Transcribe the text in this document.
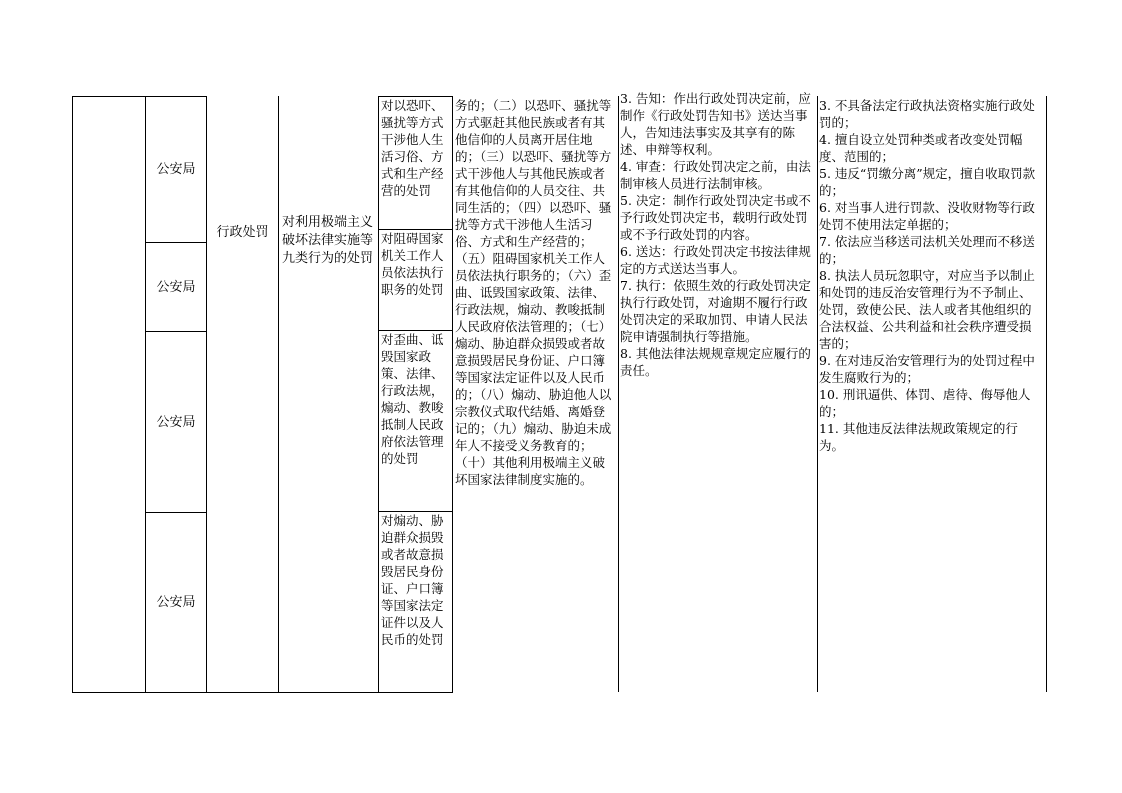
公安局
公安局
公安局
公安局
行政处罚
对利用极端主义破坏法律实施等九类行为的处罚
对以恐吓、骚扰等方式干涉他人生活习俗、方式和生产经营的处罚
对阻碍国家机关工作人员依法执行职务的处罚
对歪曲、诋毁国家政策、法律、行政法规，煽动、教唆抵制人民政府依法管理的处罚
对煽动、胁迫群众损毁或者故意损毁居民身份证、户口簿等国家法定证件以及人民币的处罚
务的；（二）以恐吓、骚扰等方式驱赶其他民族或者有其他信仰的人员离开居住地的；（三）以恐吓、骚扰等方式干涉他人与其他民族或者有其他信仰的人员交往、共同生活的；（四）以恐吓、骚扰等方式干涉他人生活习俗、方式和生产经营的；（五）阻碍国家机关工作人员依法执行职务的；（六）歪曲、诋毁国家政策、法律、行政法规，煽动、教唆抵制人民政府依法管理的；（七）煽动、胁迫群众损毁或者故意损毁居民身份证、户口簿等国家法定证件以及人民币的；（八）煽动、胁迫他人以宗教仪式取代结婚、离婚登记的；（九）煽动、胁迫未成年人不接受义务教育的；（十）其他利用极端主义破坏国家法律制度实施的。
3. 告知：作出行政处罚决定前，应制作《行政处罚告知书》送达当事人，告知违法事实及其享有的陈述、申辩等权利。
4. 审查：行政处罚决定之前，由法制审核人员进行法制审核。
5. 决定：制作行政处罚决定书或不予行政处罚决定书，载明行政处罚或不予行政处罚的内容。
6. 送达：行政处罚决定书按法律规定的方式送达当事人。
7. 执行：依照生效的行政处罚决定执行行政处罚，对逾期不履行行政处罚决定的采取加罚、申请人民法院申请强制执行等措施。
8. 其他法律法规规章规定应履行的责任。
3. 不具备法定行政执法资格实施行政处罚的；
4. 擅自设立处罚种类或者改变处罚幅度、范围的；
5. 违反“罚缴分离”规定，擅自收取罚款的；
6. 对当事人进行罚款、没收财物等行政处罚不使用法定单据的；
7. 依法应当移送司法机关处理而不移送的；
8. 执法人员玩忽职守，对应当予以制止和处罚的违反治安管理行为不予制止、处罚，致使公民、法人或者其他组织的合法权益、公共利益和社会秩序遭受损害的；
9. 在对违反治安管理行为的处罚过程中发生腐败行为的；
10. 刑讯逼供、体罚、虐待、侮辱他人的；
11. 其他违反法律法规政策规定的行为。
